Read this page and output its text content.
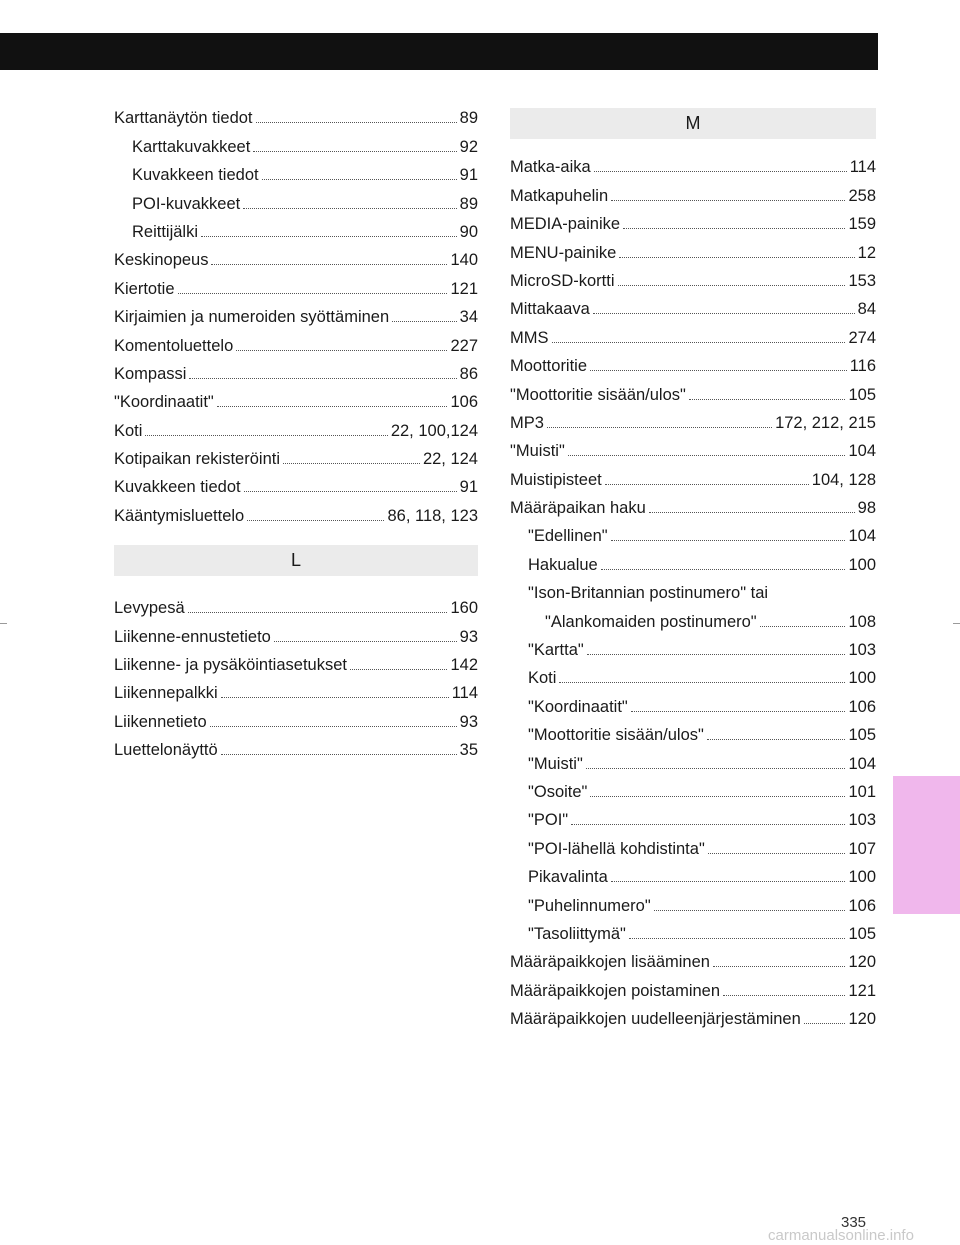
Karttanäytön tiedot	89
Karttakuvakkeet	92
Kuvakkeen tiedot	91
POI-kuvakkeet	89
Reittijälki	90
Keskinopeus	140
Kiertotie	121
Kirjaimien ja numeroiden syöttäminen	34
Komentoluettelo	227
Kompassi	86
"Koordinaatit"	106
Koti	22, 100,124
Kotipaikan rekisteröinti	22, 124
Kuvakkeen tiedot	91
Kääntymisluettelo	86, 118, 123
L
Levypesä	160
Liikenne-ennustetieto	93
Liikenne- ja pysäköintiasetukset	142
Liikennepalkki	114
Liikennetieto	93
Luettelonäyttö	35
M
Matka-aika	114
Matkapuhelin	258
MEDIA-painike	159
MENU-painike	12
MicroSD-kortti	153
Mittakaava	84
MMS	274
Moottoritie	116
"Moottoritie sisään/ulos"	105
MP3	172, 212, 215
"Muisti"	104
Muistipisteet	104, 128
Määräpaikan haku	98
"Edellinen"	104
Hakualue	100
"Ison-Britannian postinumero" tai
"Alankomaiden postinumero"	108
"Kartta"	103
Koti	100
"Koordinaatit"	106
"Moottoritie sisään/ulos"	105
"Muisti"	104
"Osoite"	101
"POI"	103
"POI-lähellä kohdistinta"	107
Pikavalinta	100
"Puhelinnumero"	106
"Tasoliittymä"	105
Määräpaikkojen lisääminen	120
Määräpaikkojen poistaminen	121
Määräpaikkojen uudelleenjärjestäminen	120
335
carmanualsonline.info
